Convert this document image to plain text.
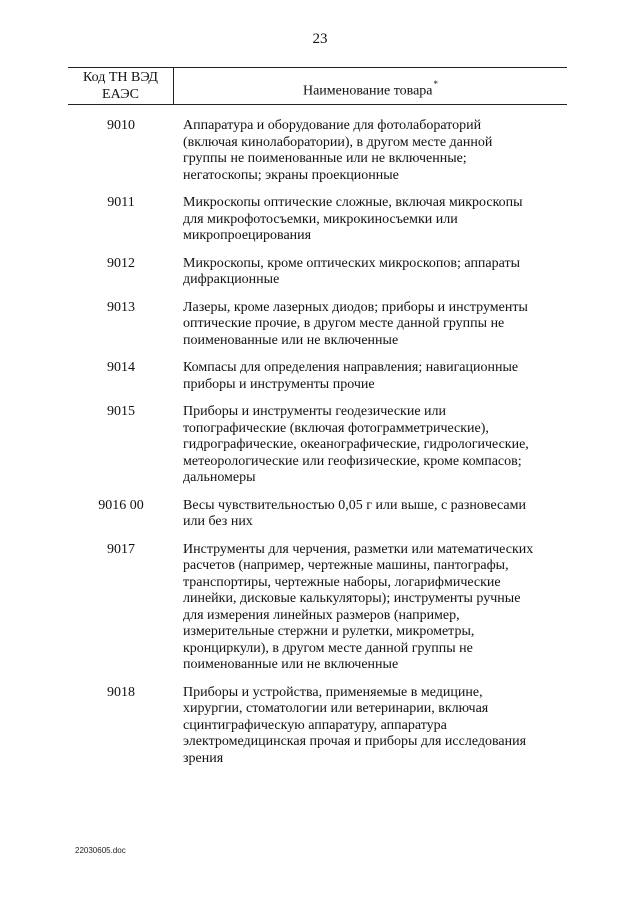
23
Код ТН ВЭД
ЕАЭС	Наименование товара*
9010	Аппаратура и оборудование для фотолабораторий
(включая кинолаборатории), в другом месте данной
группы не поименованные или не включенные;
негатоскопы; экраны проекционные
9011	Микроскопы оптические сложные, включая микроскопы
для микрофотосъемки, микрокиносъемки или
микропроецирования
9012	Микроскопы, кроме оптических микроскопов; аппараты
дифракционные
9013	Лазеры, кроме лазерных диодов; приборы и инструменты
оптические прочие, в другом месте данной группы не
поименованные или не включенные
9014	Компасы для определения направления; навигационные
приборы и инструменты прочие
9015	Приборы и инструменты геодезические или
топографические (включая фотограмметрические),
гидрографические, океанографические, гидрологические,
метеорологические или геофизические, кроме компасов;
дальномеры
9016 00	Весы чувствительностью 0,05 г или выше, с разновесами
или без них
9017	Инструменты для черчения, разметки или математических
расчетов (например, чертежные машины, пантографы,
транспортиры, чертежные наборы, логарифмические
линейки, дисковые калькуляторы); инструменты ручные
для измерения линейных размеров (например,
измерительные стержни и рулетки, микрометры,
кронциркули), в другом месте данной группы не
поименованные или не включенные
9018	Приборы и устройства, применяемые в медицине,
хирургии, стоматологии или ветеринарии, включая
сцинтиграфическую аппаратуру, аппаратура
электромедицинская прочая и приборы для исследования
зрения
22030605.doc
